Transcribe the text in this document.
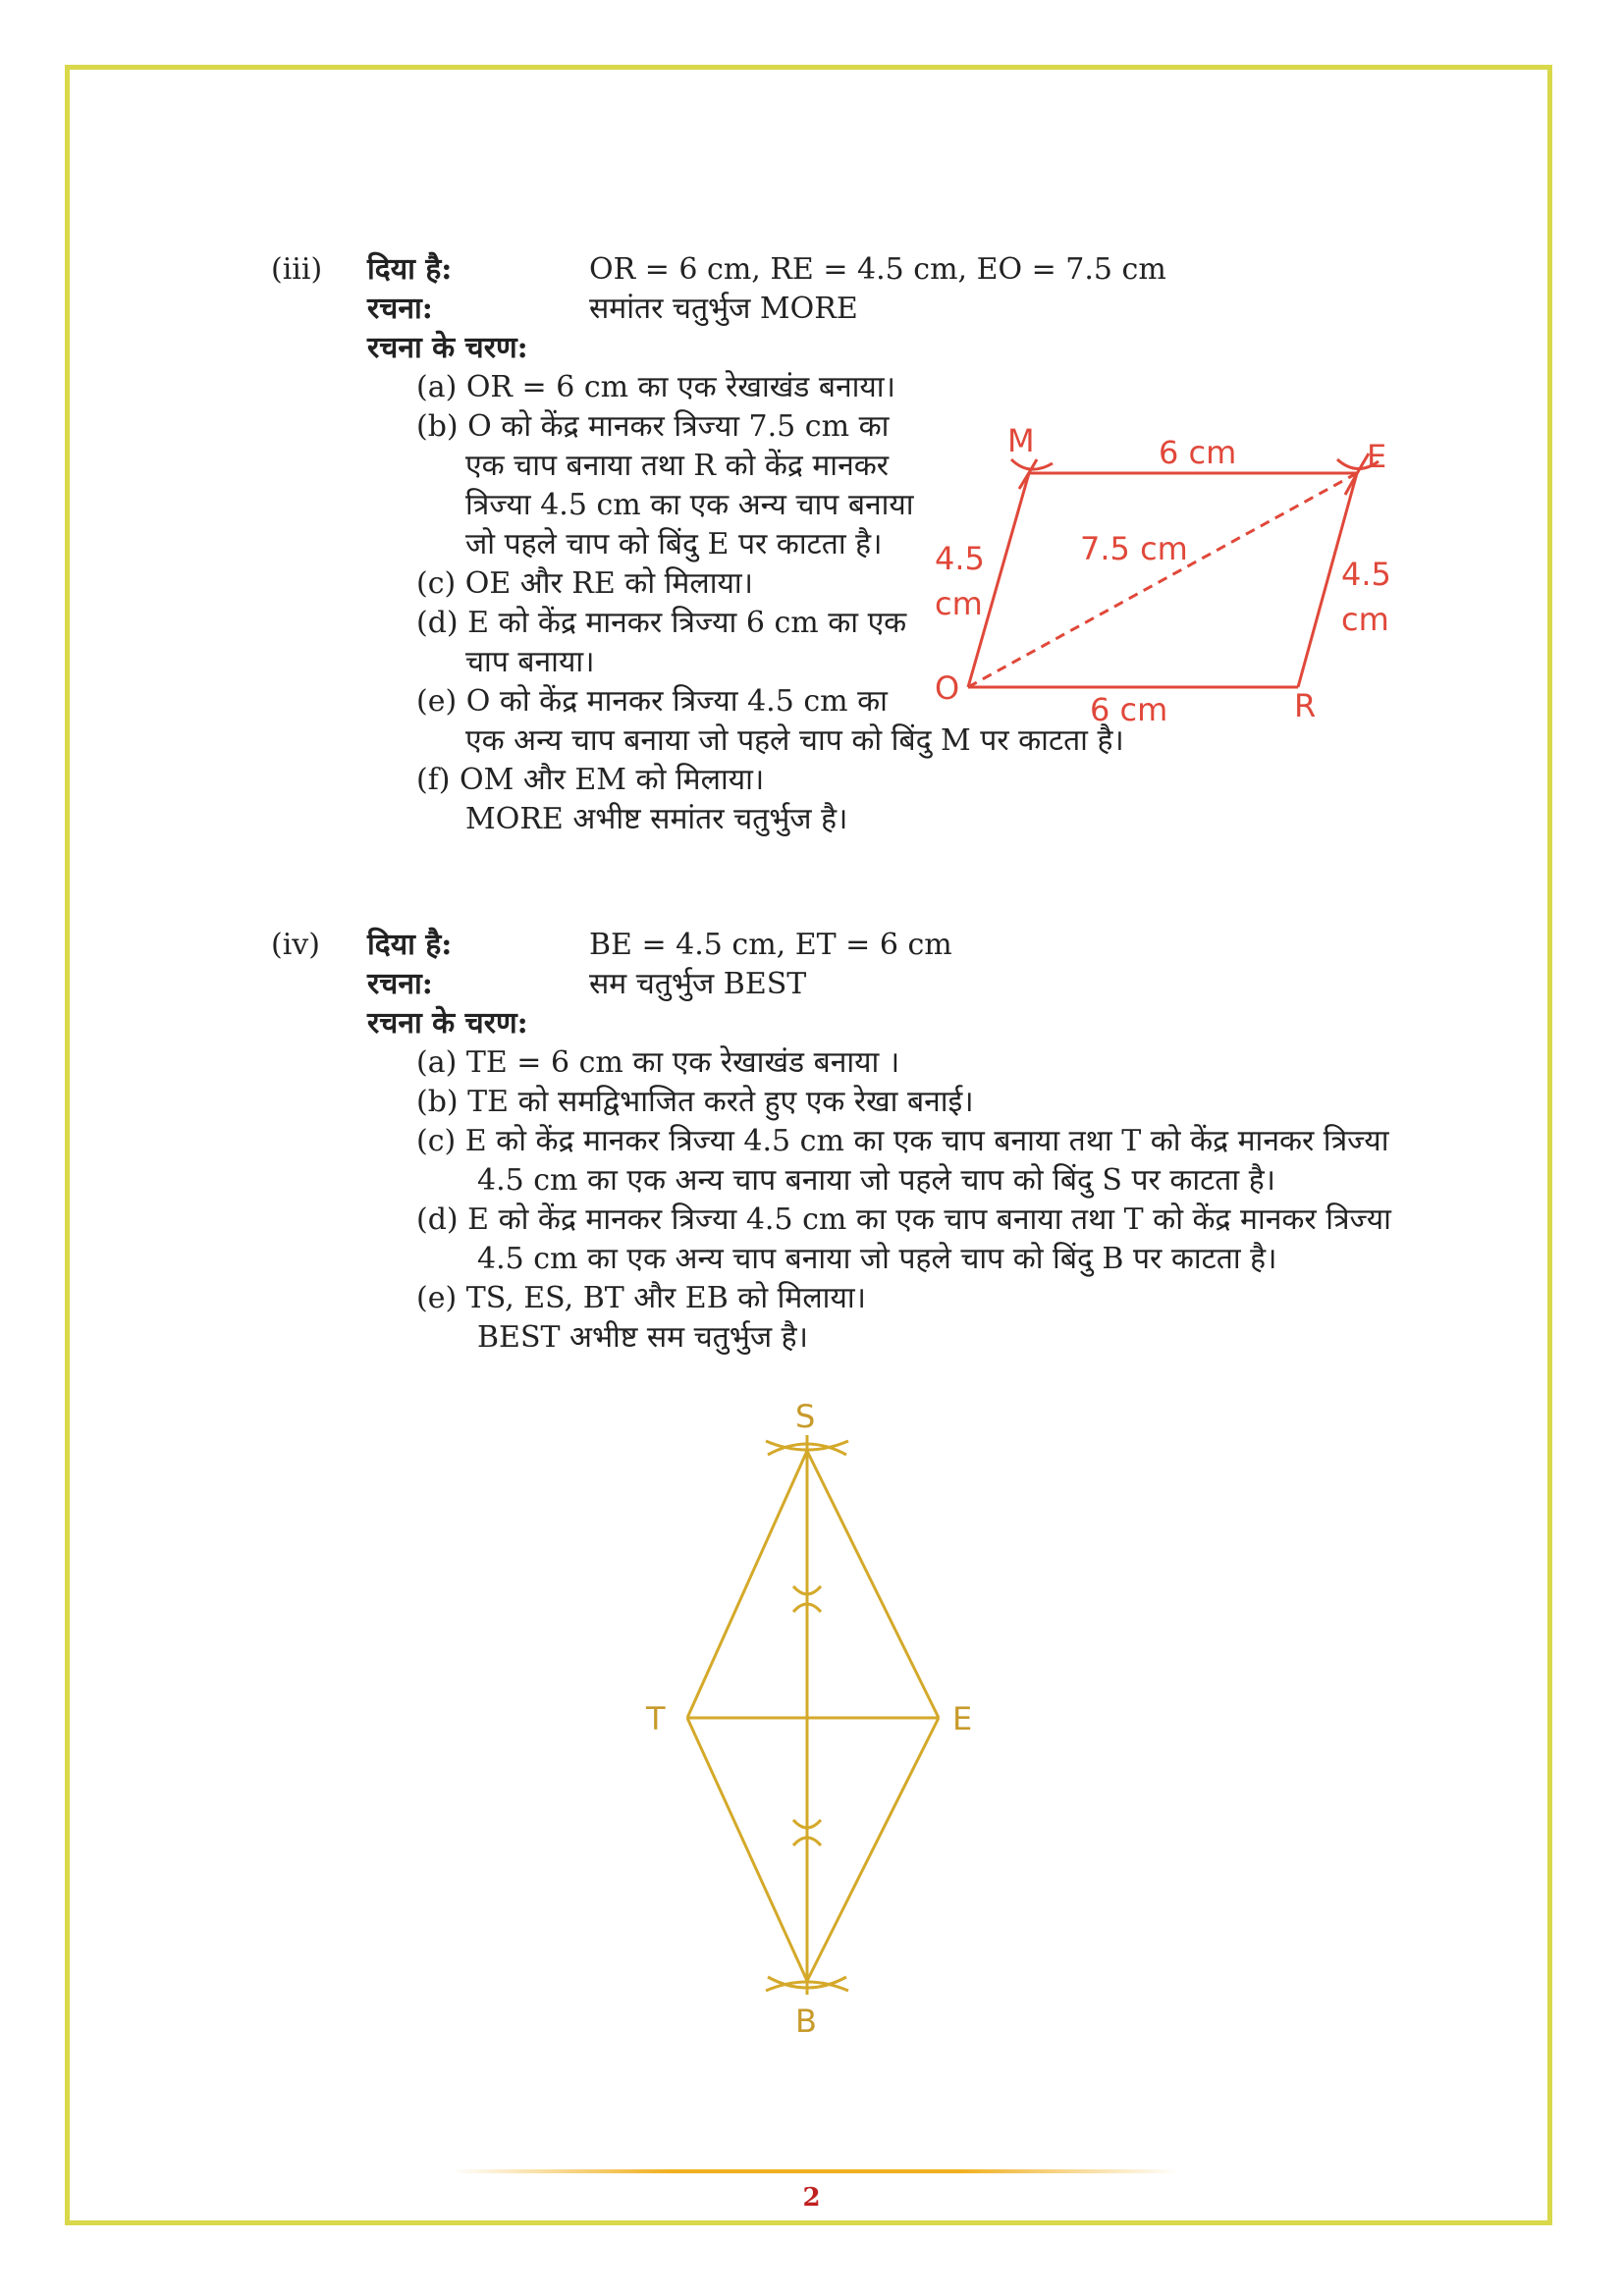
(iii) दिया है:	OR = 6 cm, RE = 4.5 cm, EO = 7.5 cm
रचना:	समांतर चतुर्भुज MORE
रचना के चरण:
(a) OR = 6 cm का एक रेखाखंड बनाया।
(b) O को केंद्र मानकर त्रिज्या 7.5 cm का
एक चाप बनाया तथा R को केंद्र मानकर
त्रिज्या 4.5 cm का एक अन्य चाप बनाया
जो पहले चाप को बिंदु E पर काटता है।
(c) OE और RE को मिलाया।
(d) E को केंद्र मानकर त्रिज्या 6 cm का एक
चाप बनाया।
(e) O को केंद्र मानकर त्रिज्या 4.5 cm का
एक अन्य चाप बनाया जो पहले चाप को बिंदु M पर काटता है।
(f) OM और EM को मिलाया।
MORE अभीष्ट समांतर चतुर्भुज है।
M	E
O	R
6 cm
7.5 cm
4.5
cm
4.5
cm
6 cm
(iv) दिया है:	BE = 4.5 cm, ET = 6 cm
रचना:	सम चतुर्भुज BEST
रचना के चरण:
(a) TE = 6 cm का एक रेखाखंड बनाया ।
(b) TE को समद्विभाजित करते हुए एक रेखा बनाई।
(c) E को केंद्र मानकर त्रिज्या 4.5 cm का एक चाप बनाया तथा T को केंद्र मानकर त्रिज्या
4.5 cm का एक अन्य चाप बनाया जो पहले चाप को बिंदु S पर काटता है।
(d) E को केंद्र मानकर त्रिज्या 4.5 cm का एक चाप बनाया तथा T को केंद्र मानकर त्रिज्या
4.5 cm का एक अन्य चाप बनाया जो पहले चाप को बिंदु B पर काटता है।
(e) TS, ES, BT और EB को मिलाया।
BEST अभीष्ट सम चतुर्भुज है।
S
T	E
B
2
